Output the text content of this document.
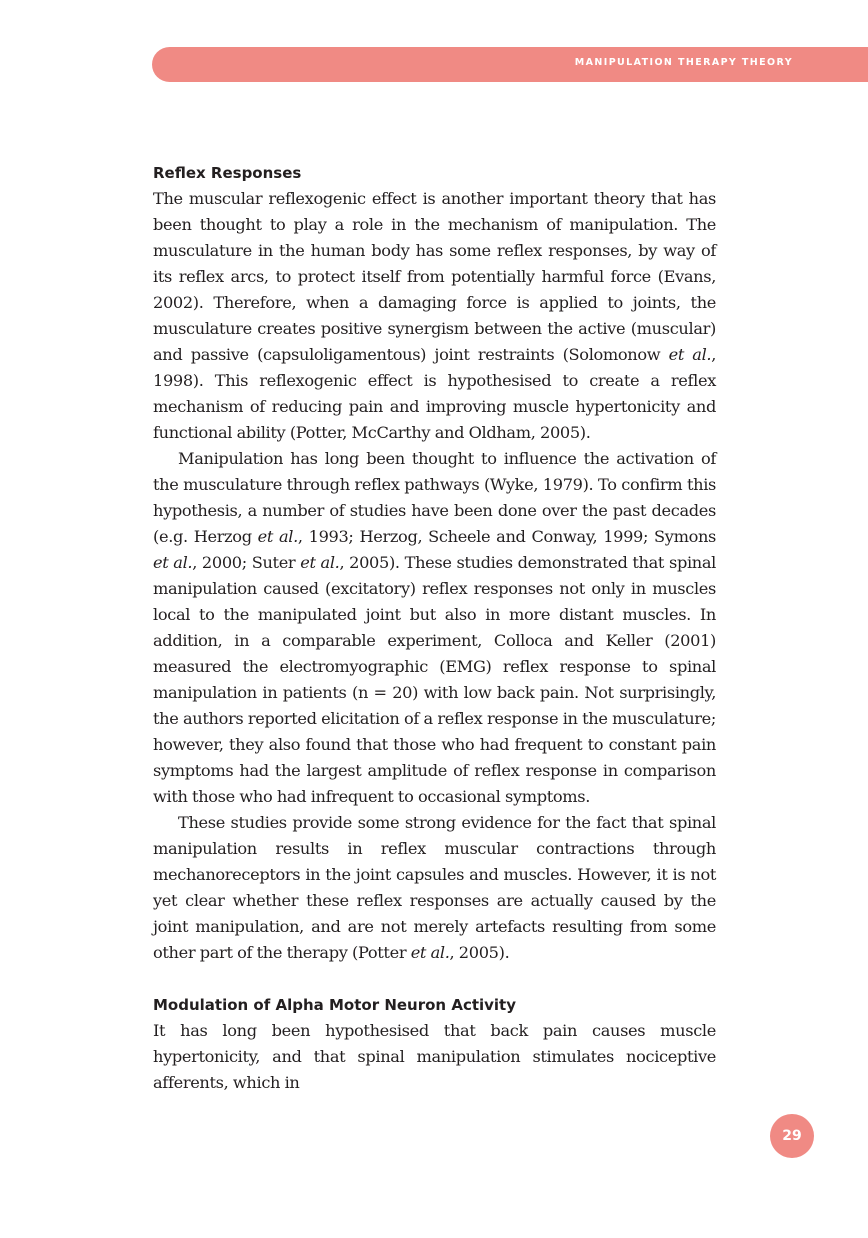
MANIPULATION THERAPY THEORY
Reflex Responses

The muscular reflexogenic effect is another important theory that has been thought to play a role in the mechanism of manipulation. The musculature in the human body has some reflex responses, by way of its reflex arcs, to protect itself from potentially harmful force (Evans, 2002). Therefore, when a damaging force is applied to joints, the musculature creates positive synergism between the active (muscular) and passive (capsuloligamentous) joint restraints (Solomonow et al., 1998). This reflexogenic effect is hypothesised to create a reflex mechanism of reducing pain and improving muscle hypertonicity and functional ability (Potter, McCarthy and Oldham, 2005).

Manipulation has long been thought to influence the activation of the musculature through reflex pathways (Wyke, 1979). To confirm this hypothesis, a number of studies have been done over the past decades (e.g. Herzog et al., 1993; Herzog, Scheele and Conway, 1999; Symons et al., 2000; Suter et al., 2005). These studies demonstrated that spinal manipulation caused (excitatory) reflex responses not only in muscles local to the manipulated joint but also in more distant muscles. In addition, in a comparable experiment, Colloca and Keller (2001) measured the electromyographic (EMG) reflex response to spinal manipulation in patients (n = 20) with low back pain. Not surprisingly, the authors reported elicitation of a reflex response in the musculature; however, they also found that those who had frequent to constant pain symptoms had the largest amplitude of reflex response in comparison with those who had infrequent to occasional symptoms.

These studies provide some strong evidence for the fact that spinal manipulation results in reflex muscular contractions through mechanoreceptors in the joint capsules and muscles. However, it is not yet clear whether these reflex responses are actually caused by the joint manipulation, and are not merely artefacts resulting from some other part of the therapy (Potter et al., 2005).

Modulation of Alpha Motor Neuron Activity

It has long been hypothesised that back pain causes muscle hypertonicity, and that spinal manipulation stimulates nociceptive afferents, which in

29
